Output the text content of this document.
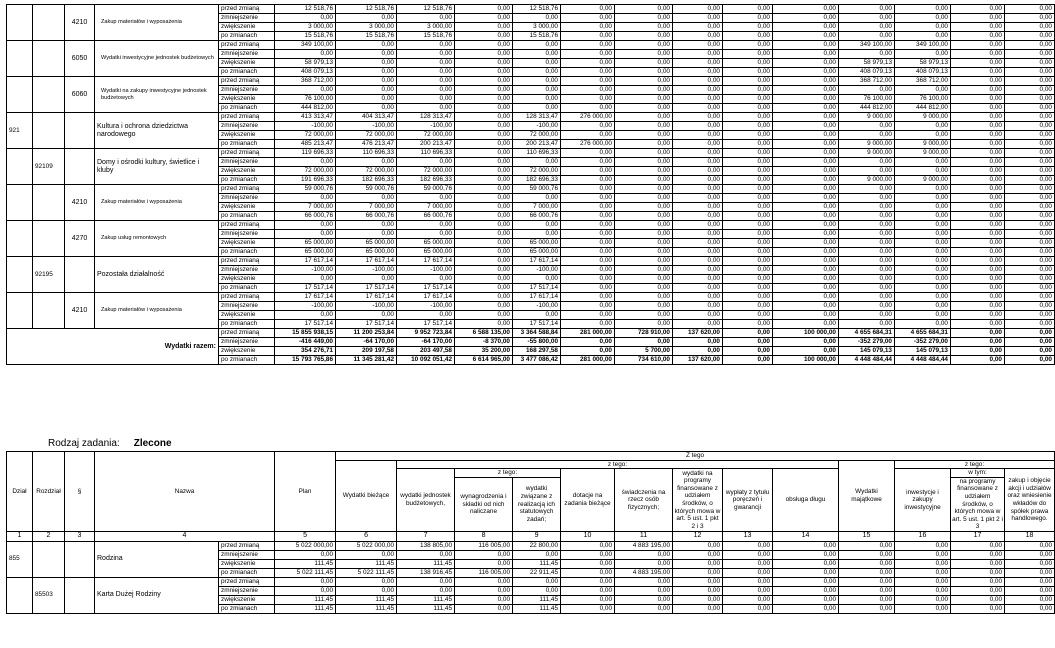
		4210	Zakup materiałów i wyposażenia	przed zmianą	12 518,76	12 518,76	12 518,76	0,00	12 518,76	0,00	0,00	0,00	0,00	0,00	0,00	0,00	0,00	0,00
				zmniejszenie	0,00	0,00	0,00	0,00	0,00	0,00	0,00	0,00	0,00	0,00	0,00	0,00	0,00	0,00
				zwiększenie	3 000,00	3 000,00	3 000,00	0,00	3 000,00	0,00	0,00	0,00	0,00	0,00	0,00	0,00	0,00	0,00
				po zmianach	15 518,76	15 518,76	15 518,76	0,00	15 518,76	0,00	0,00	0,00	0,00	0,00	0,00	0,00	0,00	0,00
		6050	Wydatki inwestycyjne jednostek budżetowych	przed zmianą	349 100,00	0,00	0,00	0,00	0,00	0,00	0,00	0,00	0,00	0,00	349 100,00	349 100,00	0,00	0,00
				zmniejszenie	0,00	0,00	0,00	0,00	0,00	0,00	0,00	0,00	0,00	0,00	0,00	0,00	0,00	0,00
				zwiększenie	58 979,13	0,00	0,00	0,00	0,00	0,00	0,00	0,00	0,00	0,00	58 979,13	58 979,13	0,00	0,00
				po zmianach	408 079,13	0,00	0,00	0,00	0,00	0,00	0,00	0,00	0,00	0,00	408 079,13	408 079,13	0,00	0,00
		6060	Wydatki na zakupy inwestycyjne jednostek budżetowych	przed zmianą	368 712,00	0,00	0,00	0,00	0,00	0,00	0,00	0,00	0,00	0,00	368 712,00	368 712,00	0,00	0,00
				zmniejszenie	0,00	0,00	0,00	0,00	0,00	0,00	0,00	0,00	0,00	0,00	0,00	0,00	0,00	0,00
				zwiększenie	76 100,00	0,00	0,00	0,00	0,00	0,00	0,00	0,00	0,00	0,00	76 100,00	76 100,00	0,00	0,00
				po zmianach	444 812,00	0,00	0,00	0,00	0,00	0,00	0,00	0,00	0,00	0,00	444 812,00	444 812,00	0,00	0,00
921			Kultura i ochrona dziedzictwa narodowego	przed zmianą	413 313,47	404 313,47	128 313,47	0,00	128 313,47	276 000,00	0,00	0,00	0,00	0,00	9 000,00	9 000,00	0,00	0,00
				zmniejszenie	-100,00	-100,00	-100,00	0,00	-100,00	0,00	0,00	0,00	0,00	0,00	0,00	0,00	0,00	0,00
				zwiększenie	72 000,00	72 000,00	72 000,00	0,00	72 000,00	0,00	0,00	0,00	0,00	0,00	0,00	0,00	0,00	0,00
				po zmianach	485 213,47	476 213,47	200 213,47	0,00	200 213,47	276 000,00	0,00	0,00	0,00	0,00	9 000,00	9 000,00	0,00	0,00
	92109		Domy i ośrodki kultury, świetlice i kluby	przed zmianą	119 696,33	110 696,33	110 696,33	0,00	110 696,33	0,00	0,00	0,00	0,00	0,00	9 000,00	9 000,00	0,00	0,00
				zmniejszenie	0,00	0,00	0,00	0,00	0,00	0,00	0,00	0,00	0,00	0,00	0,00	0,00	0,00	0,00
				zwiększenie	72 000,00	72 000,00	72 000,00	0,00	72 000,00	0,00	0,00	0,00	0,00	0,00	0,00	0,00	0,00	0,00
				po zmianach	191 696,33	182 696,33	182 696,33	0,00	182 696,33	0,00	0,00	0,00	0,00	0,00	9 000,00	9 000,00	0,00	0,00
		4210	Zakup materiałów i wyposażenia	przed zmianą	59 000,76	59 000,76	59 000,76	0,00	59 000,76	0,00	0,00	0,00	0,00	0,00	0,00	0,00	0,00	0,00
				zmniejszenie	0,00	0,00	0,00	0,00	0,00	0,00	0,00	0,00	0,00	0,00	0,00	0,00	0,00	0,00
				zwiększenie	7 000,00	7 000,00	7 000,00	0,00	7 000,00	0,00	0,00	0,00	0,00	0,00	0,00	0,00	0,00	0,00
				po zmianach	66 000,76	66 000,76	66 000,76	0,00	66 000,76	0,00	0,00	0,00	0,00	0,00	0,00	0,00	0,00	0,00
		4270	Zakup usług remontowych	przed zmianą	0,00	0,00	0,00	0,00	0,00	0,00	0,00	0,00	0,00	0,00	0,00	0,00	0,00	0,00
				zmniejszenie	0,00	0,00	0,00	0,00	0,00	0,00	0,00	0,00	0,00	0,00	0,00	0,00	0,00	0,00
				zwiększenie	65 000,00	65 000,00	65 000,00	0,00	65 000,00	0,00	0,00	0,00	0,00	0,00	0,00	0,00	0,00	0,00
				po zmianach	65 000,00	65 000,00	65 000,00	0,00	65 000,00	0,00	0,00	0,00	0,00	0,00	0,00	0,00	0,00	0,00
	92195		Pozostała działalność	przed zmianą	17 617,14	17 617,14	17 617,14	0,00	17 617,14	0,00	0,00	0,00	0,00	0,00	0,00	0,00	0,00	0,00
				zmniejszenie	-100,00	-100,00	-100,00	0,00	-100,00	0,00	0,00	0,00	0,00	0,00	0,00	0,00	0,00	0,00
				zwiększenie	0,00	0,00	0,00	0,00	0,00	0,00	0,00	0,00	0,00	0,00	0,00	0,00	0,00	0,00
				po zmianach	17 517,14	17 517,14	17 517,14	0,00	17 517,14	0,00	0,00	0,00	0,00	0,00	0,00	0,00	0,00	0,00
		4210	Zakup materiałów i wyposażenia	przed zmianą	17 617,14	17 617,14	17 617,14	0,00	17 617,14	0,00	0,00	0,00	0,00	0,00	0,00	0,00	0,00	0,00
				zmniejszenie	-100,00	-100,00	-100,00	0,00	-100,00	0,00	0,00	0,00	0,00	0,00	0,00	0,00	0,00	0,00
				zwiększenie	0,00	0,00	0,00	0,00	0,00	0,00	0,00	0,00	0,00	0,00	0,00	0,00	0,00	0,00
				po zmianach	17 517,14	17 517,14	17 517,14	0,00	17 517,14	0,00	0,00	0,00	0,00	0,00	0,00	0,00	0,00	0,00
Wydatki razem:				przed zmianą	15 855 938,15	11 200 253,84	9 952 723,84	6 588 135,00	3 364 588,84	281 000,00	728 910,00	137 620,00	0,00	100 000,00	4 655 684,31	4 655 684,31	0,00	0,00
				zmniejszenie	-416 449,00	-64 170,00	-64 170,00	-8 370,00	-55 800,00	0,00	0,00	0,00	0,00	0,00	-352 279,00	-352 279,00	0,00	0,00
				zwiększenie	354 276,71	209 197,58	203 497,58	35 200,00	168 297,58	0,00	5 700,00	0,00	0,00	0,00	145 079,13	145 079,13	0,00	0,00
				po zmianach	15 793 765,86	11 345 281,42	10 092 051,42	6 614 965,00	3 477 086,42	281 000,00	734 610,00	137 620,00	0,00	100 000,00	4 448 484,44	4 448 484,44	0,00	0,00
Rodzaj zadania: Zlecone
Dział	Rozdział	§	Nazwa		Plan	Z tego												
						Wydatki bieżące	z tego:								Wydatki majątkowe	z tego:		
							wydatki jednostek budżetowych,	z tego:		dotacje na zadania bieżące	świadczenia na rzecz osób fizycznych;	wydatki na programy finansowane z udziałem środków, o których mowa w art. 5 ust. 1 pkt 2 i 3	wypłaty z tytułu poręczeń i gwarancji	obsługa długu		inwestycje i zakupy inwestycyjne	w tym:	zakup i objęcie akcji i udziałów oraz wniesienie wkładów do spółek prawa handlowego.
								wynagrodzenia i składki od nich naliczane	wydatki związane z realizacją ich statutowych zadań;								na programy finansowane z udziałem środków, o których mowa w art. 5 ust. 1 pkt 2 i 3	

1	2	3	4		5	6	7	8	9	10	11	12	13	14	15	16	17	18
855			Rodzina	przed zmianą	5 022 000,00	5 022 000,00	138 805,00	116 005,00	22 800,00	0,00	4 883 195,00	0,00	0,00	0,00	0,00	0,00	0,00	0,00
				zmniejszenie	0,00	0,00	0,00	0,00	0,00	0,00	0,00	0,00	0,00	0,00	0,00	0,00	0,00	0,00
				zwiększenie	111,45	111,45	111,45	0,00	111,45	0,00	0,00	0,00	0,00	0,00	0,00	0,00	0,00	0,00
				po zmianach	5 022 111,45	5 022 111,45	138 916,45	116 005,00	22 911,45	0,00	4 883 195,00	0,00	0,00	0,00	0,00	0,00	0,00	0,00
	85503		Karta Dużej Rodziny	przed zmianą	0,00	0,00	0,00	0,00	0,00	0,00	0,00	0,00	0,00	0,00	0,00	0,00	0,00	0,00
				zmniejszenie	0,00	0,00	0,00	0,00	0,00	0,00	0,00	0,00	0,00	0,00	0,00	0,00	0,00	0,00
				zwiększenie	111,45	111,45	111,45	0,00	111,45	0,00	0,00	0,00	0,00	0,00	0,00	0,00	0,00	0,00
				po zmianach	111,45	111,45	111,45	0,00	111,45	0,00	0,00	0,00	0,00	0,00	0,00	0,00	0,00	0,00
